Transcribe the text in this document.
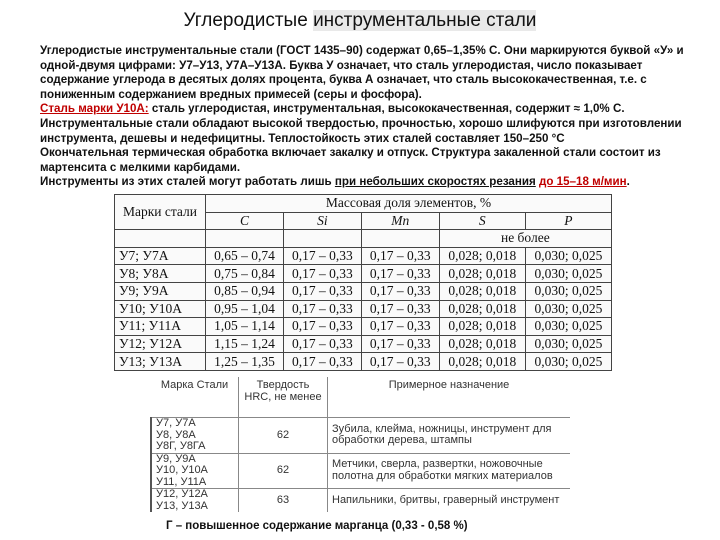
Углеродистые инструментальные стали

Углеродистые инструментальные стали (ГОСТ 1435–90) содержат 0,65–1,35% С. Они маркируются буквой «У» и одной-двумя цифрами: У7–У13, У7А–У13А. Буква У означает, что сталь углеродистая, число показывает содержание углерода в десятых долях процента, буква А означает, что сталь высококачественная, т.е. с пониженным содержанием вредных примесей (серы и фосфора).

Сталь марки У10А: сталь углеродистая, инструментальная, высококачественная, содержит ≈ 1,0% С.

Инструментальные стали обладают высокой твердостью, прочностью, хорошо шлифуются при изготовлении инструмента, дешевы и недефицитны. Теплостойкость этих сталей составляет 150–250 °С

Окончательная термическая обработка включает закалку и отпуск. Структура закаленной стали состоит из мартенсита с мелкими карбидами.

Инструменты из этих сталей могут работать лишь при небольших скоростях резания до 15–18 м/мин.

Марки стали	Массовая доля элементов, %				
	C	Si	Mn	S	P
				не более	
У7; У7А	0,65 – 0,74	0,17 – 0,33	0,17 – 0,33	0,028; 0,018	0,030; 0,025
У8; У8А	0,75 – 0,84	0,17 – 0,33	0,17 – 0,33	0,028; 0,018	0,030; 0,025
У9; У9А	0,85 – 0,94	0,17 – 0,33	0,17 – 0,33	0,028; 0,018	0,030; 0,025
У10; У10А	0,95 – 1,04	0,17 – 0,33	0,17 – 0,33	0,028; 0,018	0,030; 0,025
У11; У11А	1,05 – 1,14	0,17 – 0,33	0,17 – 0,33	0,028; 0,018	0,030; 0,025
У12; У12А	1,15 – 1,24	0,17 – 0,33	0,17 – 0,33	0,028; 0,018	0,030; 0,025
У13; У13А	1,25 – 1,35	0,17 – 0,33	0,17 – 0,33	0,028; 0,018	0,030; 0,025
Марка Стали	Твердость HRC, не менее	Примерное назначение
У7, У7А	62	Зубила, клейма, ножницы, инструмент для обработки дерева, штампы
У8, У8А		
У8Г, У8ГА		
У9, У9А	62	Метчики, сверла, развертки, ножовочные полотна для обработки мягких материалов
У10, У10А		
У11, У11А		
У12, У12А	63	Напильники, бритвы, граверный инструмент
У13, У13А		
Г – повышенное содержание марганца (0,33 - 0,58 %)
